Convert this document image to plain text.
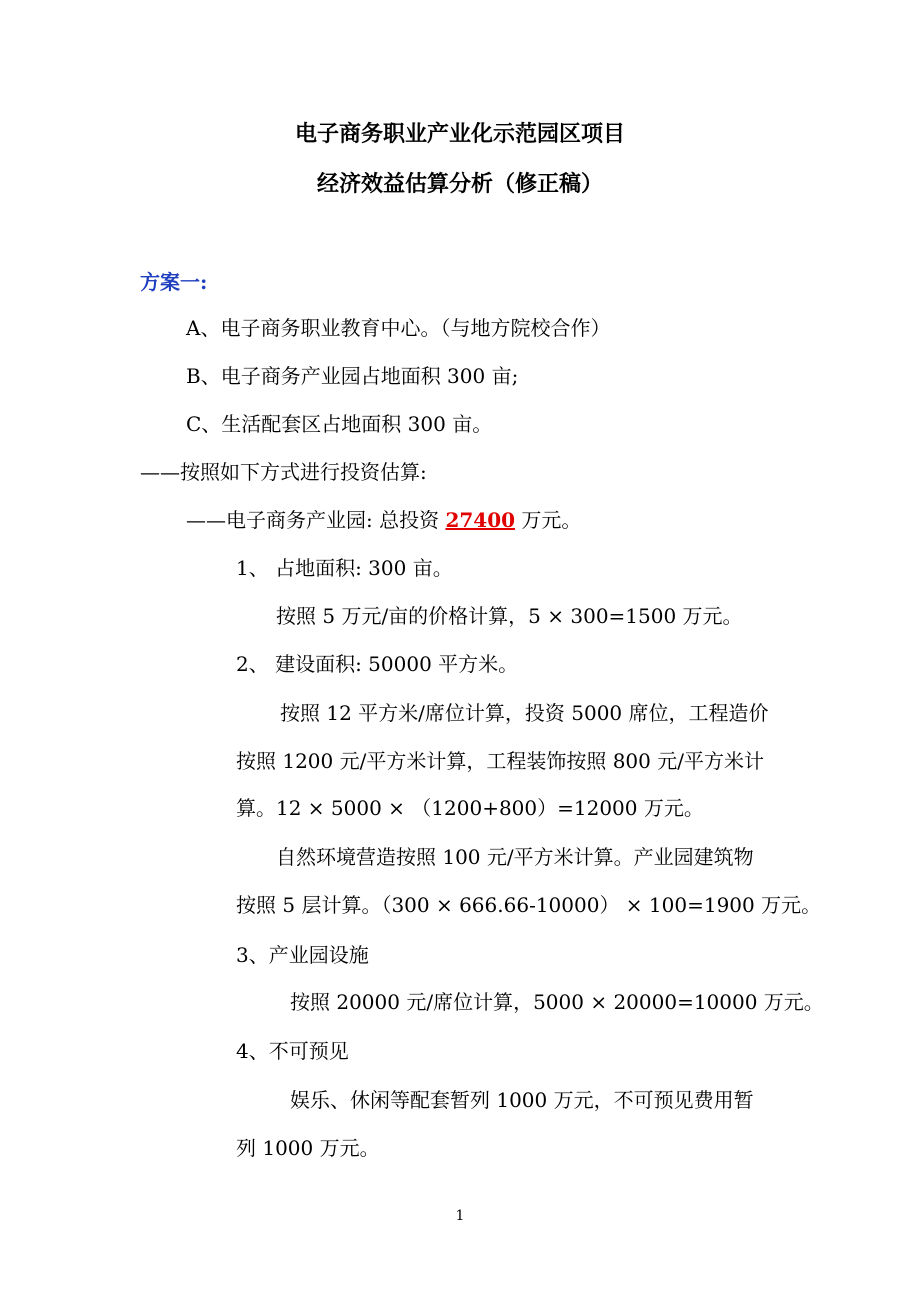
电子商务职业产业化示范园区项目
经济效益估算分析（修正稿）
方案一:
A、电子商务职业教育中心。（与地方院校合作）
B、电子商务产业园占地面积 300 亩;
C、生活配套区占地面积 300 亩。
——按照如下方式进行投资估算:
——电子商务产业园: 总投资 27400 万元。
1、 占地面积: 300 亩。
按照 5 万元/亩的价格计算，5 × 300=1500 万元。
2、 建设面积: 50000 平方米。
按照 12 平方米/席位计算，投资 5000 席位，工程造价
按照 1200 元/平方米计算，工程装饰按照 800 元/平方米计
算。12 × 5000 × （1200+800）=12000 万元。
自然环境营造按照 100 元/平方米计算。产业园建筑物
按照 5 层计算。（300 × 666.66-10000） × 100=1900 万元。
3、产业园设施
按照 20000 元/席位计算，5000 × 20000=10000 万元。
4、不可预见
娱乐、休闲等配套暂列 1000 万元，不可预见费用暂
列 1000 万元。
1
